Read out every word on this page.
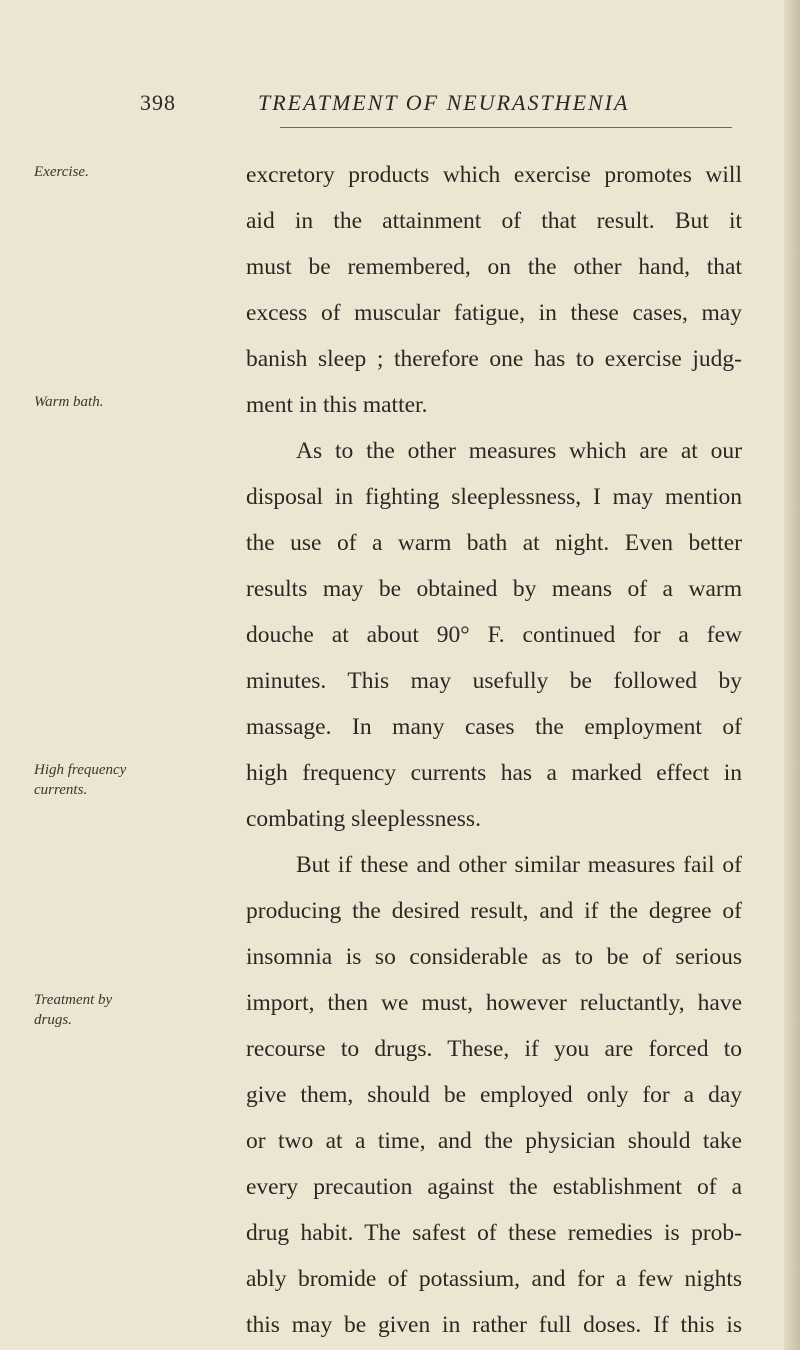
398	TREATMENT OF NEURASTHENIA
Exercise.
Warm bath.
High frequency
currents.
Treatment by
drugs.
excretory products which exercise promotes will
aid in the attainment of that result. But it
must be remembered, on the other hand, that
excess of muscular fatigue, in these cases, may
banish sleep ; therefore one has to exercise judg-
ment in this matter.
As to the other measures which are at our
disposal in fighting sleeplessness, I may mention
the use of a warm bath at night. Even better
results may be obtained by means of a warm
douche at about 90° F. continued for a few
minutes. This may usefully be followed by
massage. In many cases the employment of
high frequency currents has a marked effect in
combating sleeplessness.
But if these and other similar measures fail of
producing the desired result, and if the degree of
insomnia is so considerable as to be of serious
import, then we must, however reluctantly, have
recourse to drugs. These, if you are forced to
give them, should be employed only for a day
or two at a time, and the physician should take
every precaution against the establishment of a
drug habit. The safest of these remedies is prob-
ably bromide of potassium, and for a few nights
this may be given in rather full doses. If this is
